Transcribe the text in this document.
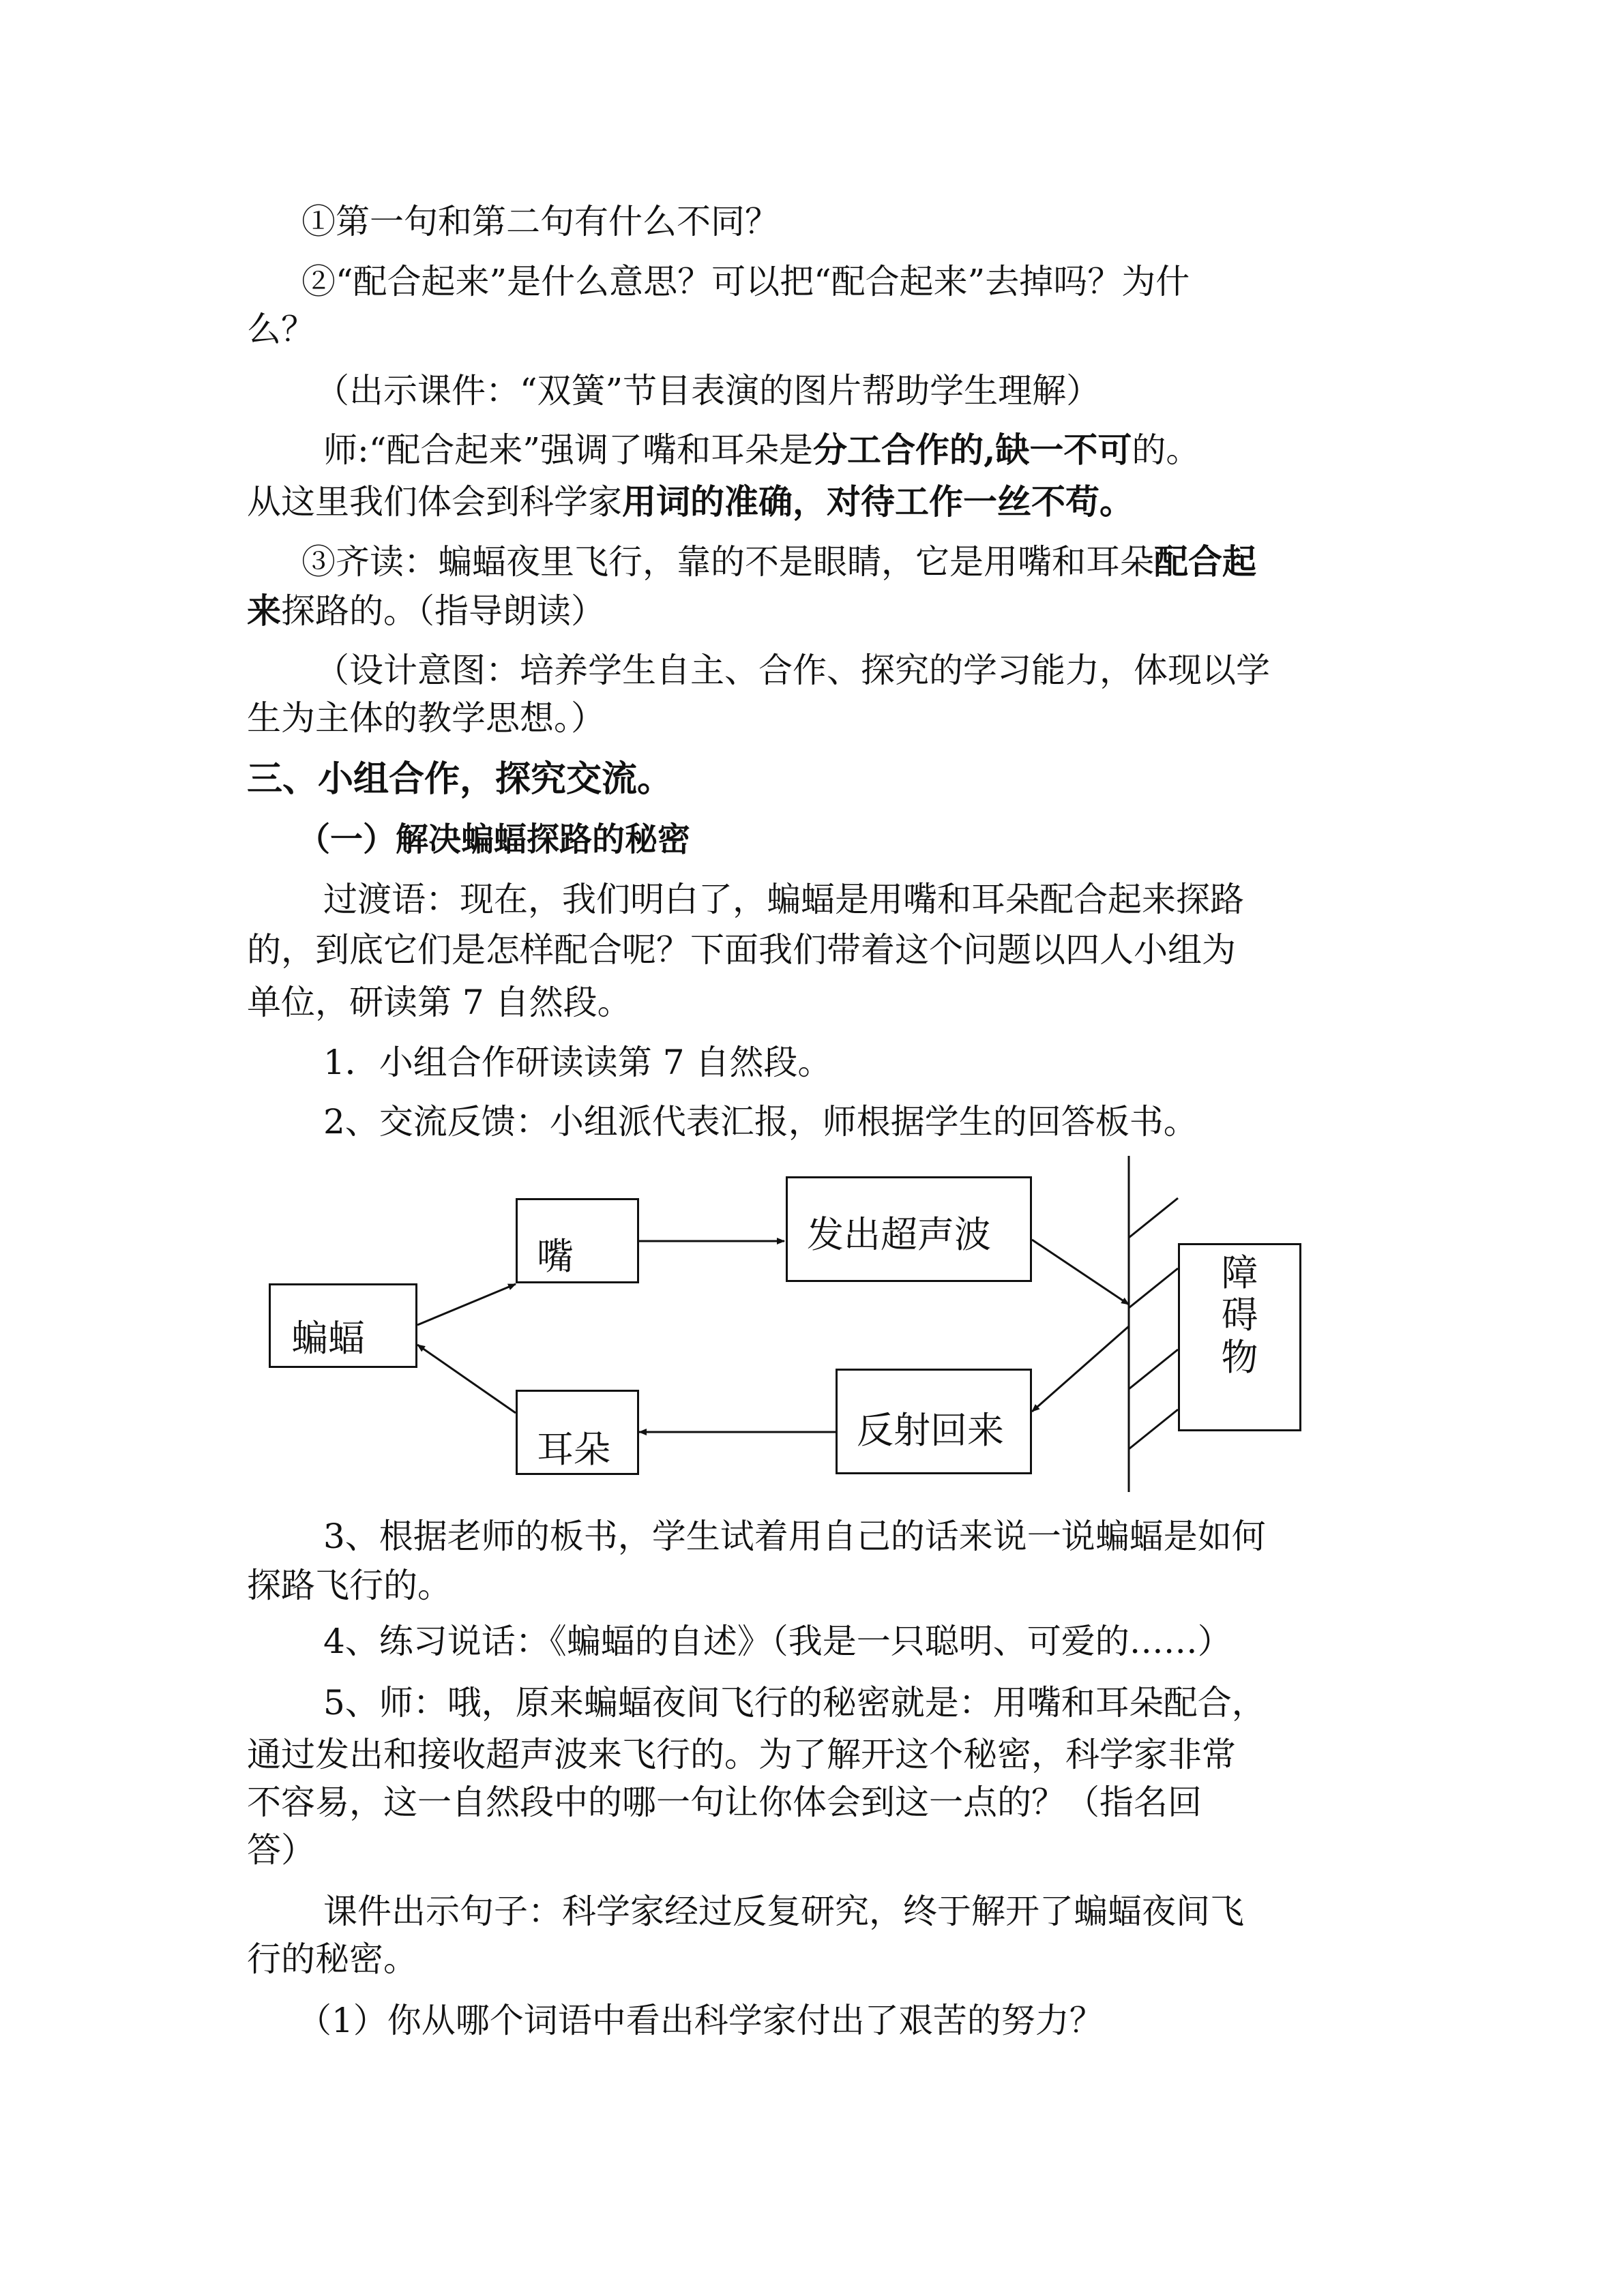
①第一句和第二句有什么不同？
②“配合起来”是什么意思？可以把“配合起来”去掉吗？为什
么？
（出示课件：“双簧”节目表演的图片帮助学生理解）
师:“配合起来”强调了嘴和耳朵是分工合作的,缺一不可的。
从这里我们体会到科学家用词的准确，对待工作一丝不苟。
③齐读：蝙蝠夜里飞行，靠的不是眼睛，它是用嘴和耳朵配合起
来探路的。（指导朗读）
（设计意图：培养学生自主、合作、探究的学习能力，体现以学
生为主体的教学思想。）
三、小组合作，探究交流。
（一）解决蝙蝠探路的秘密
过渡语：现在，我们明白了，蝙蝠是用嘴和耳朵配合起来探路
的，到底它们是怎样配合呢？下面我们带着这个问题以四人小组为
单位，研读第 7 自然段。
1．小组合作研读读第 7 自然段。
2、交流反馈：小组派代表汇报，师根据学生的回答板书。
蝙蝠
嘴
发出超声波
障碍物
反射回来
耳朵
3、根据老师的板书，学生试着用自己的话来说一说蝙蝠是如何
探路飞行的。
4、练习说话：《蝙蝠的自述》（我是一只聪明、可爱的……）
5、师：哦，原来蝙蝠夜间飞行的秘密就是：用嘴和耳朵配合，
通过发出和接收超声波来飞行的。为了解开这个秘密，科学家非常
不容易，这一自然段中的哪一句让你体会到这一点的？（指名回
答）
课件出示句子：科学家经过反复研究，终于解开了蝙蝠夜间飞
行的秘密。
（1）你从哪个词语中看出科学家付出了艰苦的努力？
